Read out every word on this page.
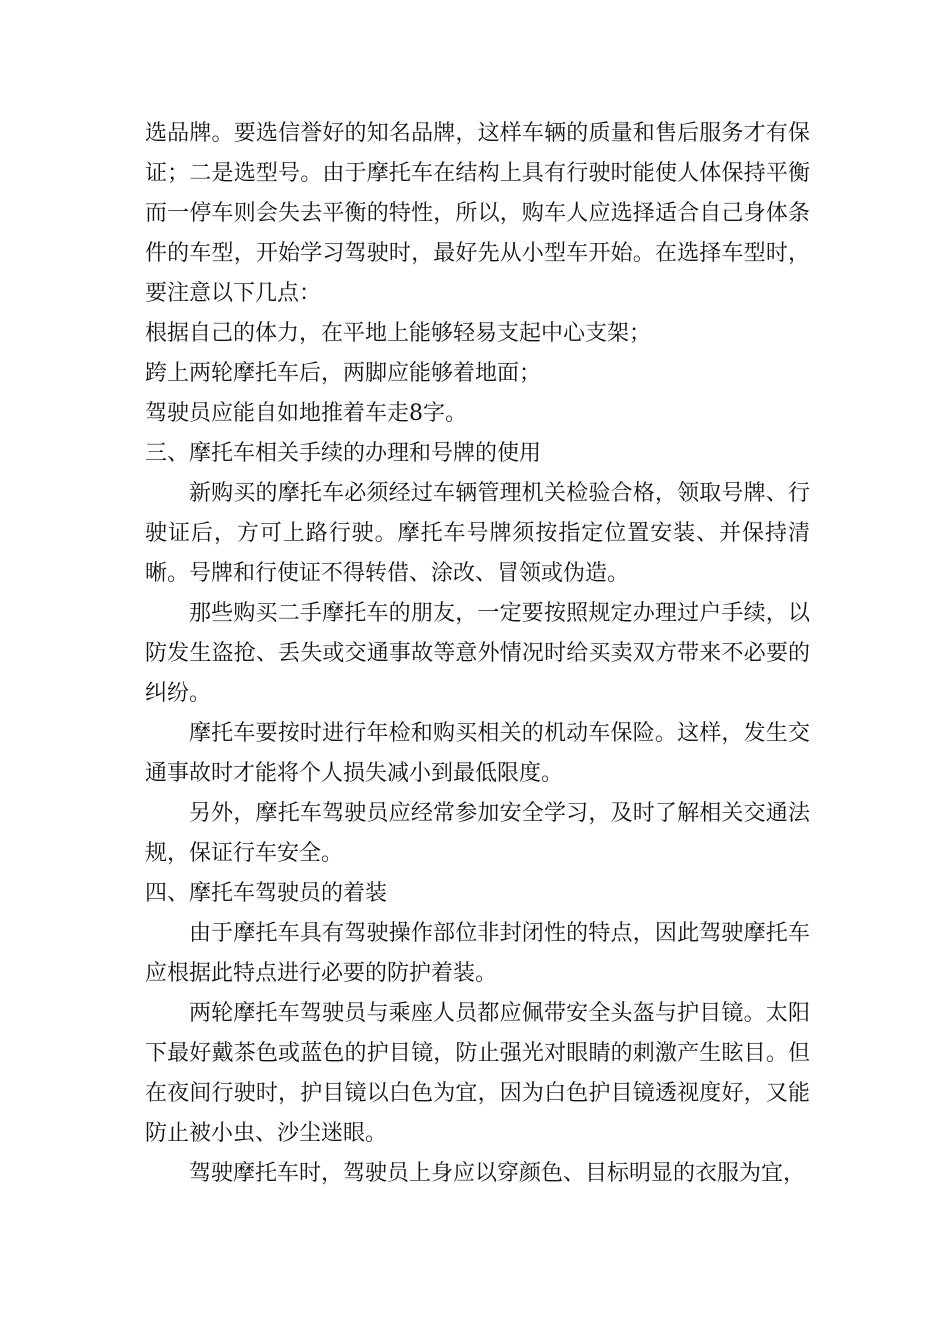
选品牌。要选信誉好的知名品牌，这样车辆的质量和售后服务才有保证；二是选型号。由于摩托车在结构上具有行驶时能使人体保持平衡而一停车则会失去平衡的特性，所以，购车人应选择适合自己身体条件的车型，开始学习驾驶时，最好先从小型车开始。在选择车型时，要注意以下几点：

根据自己的体力，在平地上能够轻易支起中心支架；

跨上两轮摩托车后，两脚应能够着地面；

驾驶员应能自如地推着车走8字。

三、摩托车相关手续的办理和号牌的使用

新购买的摩托车必须经过车辆管理机关检验合格，领取号牌、行驶证后，方可上路行驶。摩托车号牌须按指定位置安装、并保持清晰。号牌和行使证不得转借、涂改、冒领或伪造。

那些购买二手摩托车的朋友，一定要按照规定办理过户手续，以防发生盗抢、丢失或交通事故等意外情况时给买卖双方带来不必要的纠纷。

摩托车要按时进行年检和购买相关的机动车保险。这样，发生交通事故时才能将个人损失减小到最低限度。

另外，摩托车驾驶员应经常参加安全学习，及时了解相关交通法规，保证行车安全。

四、摩托车驾驶员的着装

由于摩托车具有驾驶操作部位非封闭性的特点，因此驾驶摩托车应根据此特点进行必要的防护着装。

两轮摩托车驾驶员与乘座人员都应佩带安全头盔与护目镜。太阳下最好戴茶色或蓝色的护目镜，防止强光对眼睛的刺激产生眩目。但在夜间行驶时，护目镜以白色为宜，因为白色护目镜透视度好，又能防止被小虫、沙尘迷眼。

驾驶摩托车时，驾驶员上身应以穿颜色、目标明显的衣服为宜，
